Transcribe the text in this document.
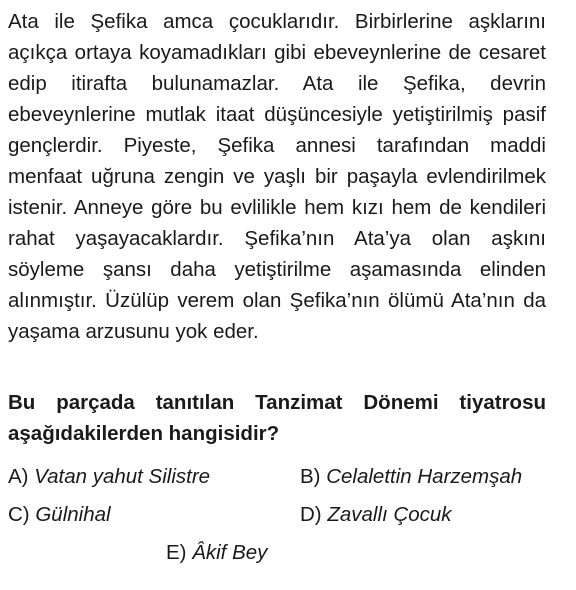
Ata ile Şefika amca çocuklarıdır. Birbirlerine aşklarını açıkça ortaya koyamadıkları gibi ebeveynlerine de cesaret edip itirafta bulunamazlar. Ata ile Şefika, devrin ebeveynlerine mutlak itaat düşüncesiyle yetiştirilmiş pasif gençlerdir. Piyeste, Şefika annesi tarafından maddi menfaat uğruna zengin ve yaşlı bir paşayla evlendirilmek istenir. Anneye göre bu evlilikle hem kızı hem de kendileri rahat yaşayacaklardır. Şefika’nın Ata’ya olan aşkını söyleme şansı daha yetiştirilme aşamasında elinden alınmıştır. Üzülüp verem olan Şefika’nın ölümü Ata’nın da yaşama arzusunu yok eder.

Bu parçada tanıtılan Tanzimat Dönemi tiyatrosu aşağıdakilerden hangisidir?

A) Vatan yahut Silistre	B) Celalettin Harzemşah
C) Gülnihal	D) Zavallı Çocuk
E) Âkif Bey
